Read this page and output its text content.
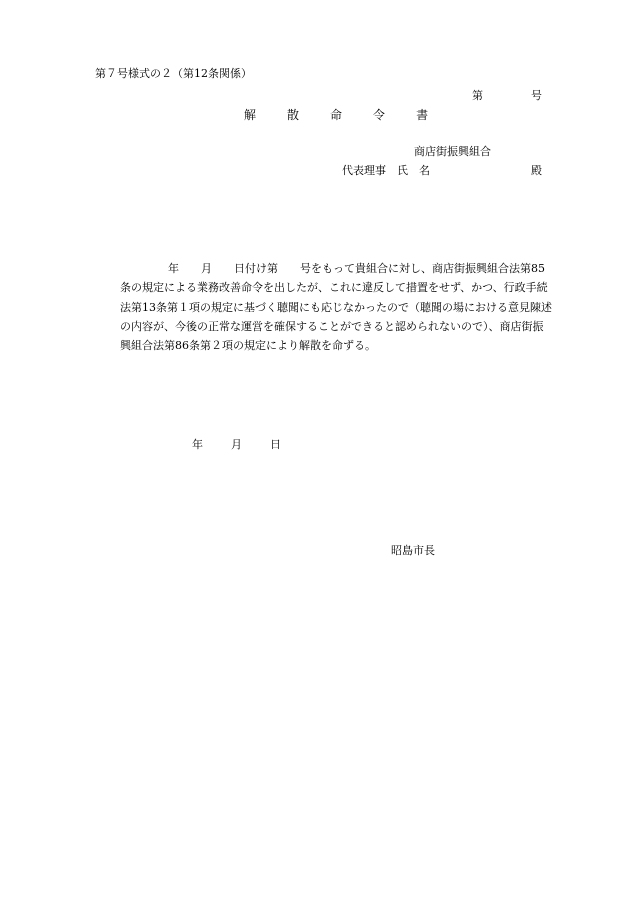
第７号様式の２（第12条関係）
第	号
解	散	命	令	書
商店街振興組合
代表理事　氏　名	殿
年　　月　　日付け第　　号をもって貴組合に対し、商店街振興組合法第85
条の規定による業務改善命令を出したが、これに違反して措置をせず、かつ、行政手続
法第13条第１項の規定に基づく聴聞にも応じなかったので（聴聞の場における意見陳述
の内容が、今後の正常な運営を確保することができると認められないので）、商店街振
興組合法第86条第２項の規定により解散を命ずる。
年	月	日
昭島市長
